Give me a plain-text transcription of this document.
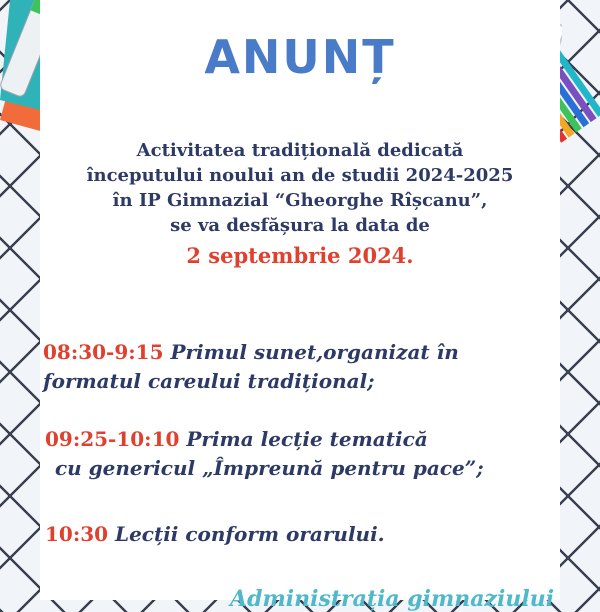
ANUNȚ
Activitatea tradițională dedicată
începutului noului an de studii 2024-2025
în IP Gimnazial “Gheorghe Rîșcanu”,
se va desfășura la data de
2 septembrie 2024.
08:30-9:15 Primul sunet,organizat în
formatul careului tradițional;
09:25-10:10 Prima lecție tematică
cu genericul „Împreună pentru pace”;
10:30 Lecții conform orarului.
Administrația gimnaziului
